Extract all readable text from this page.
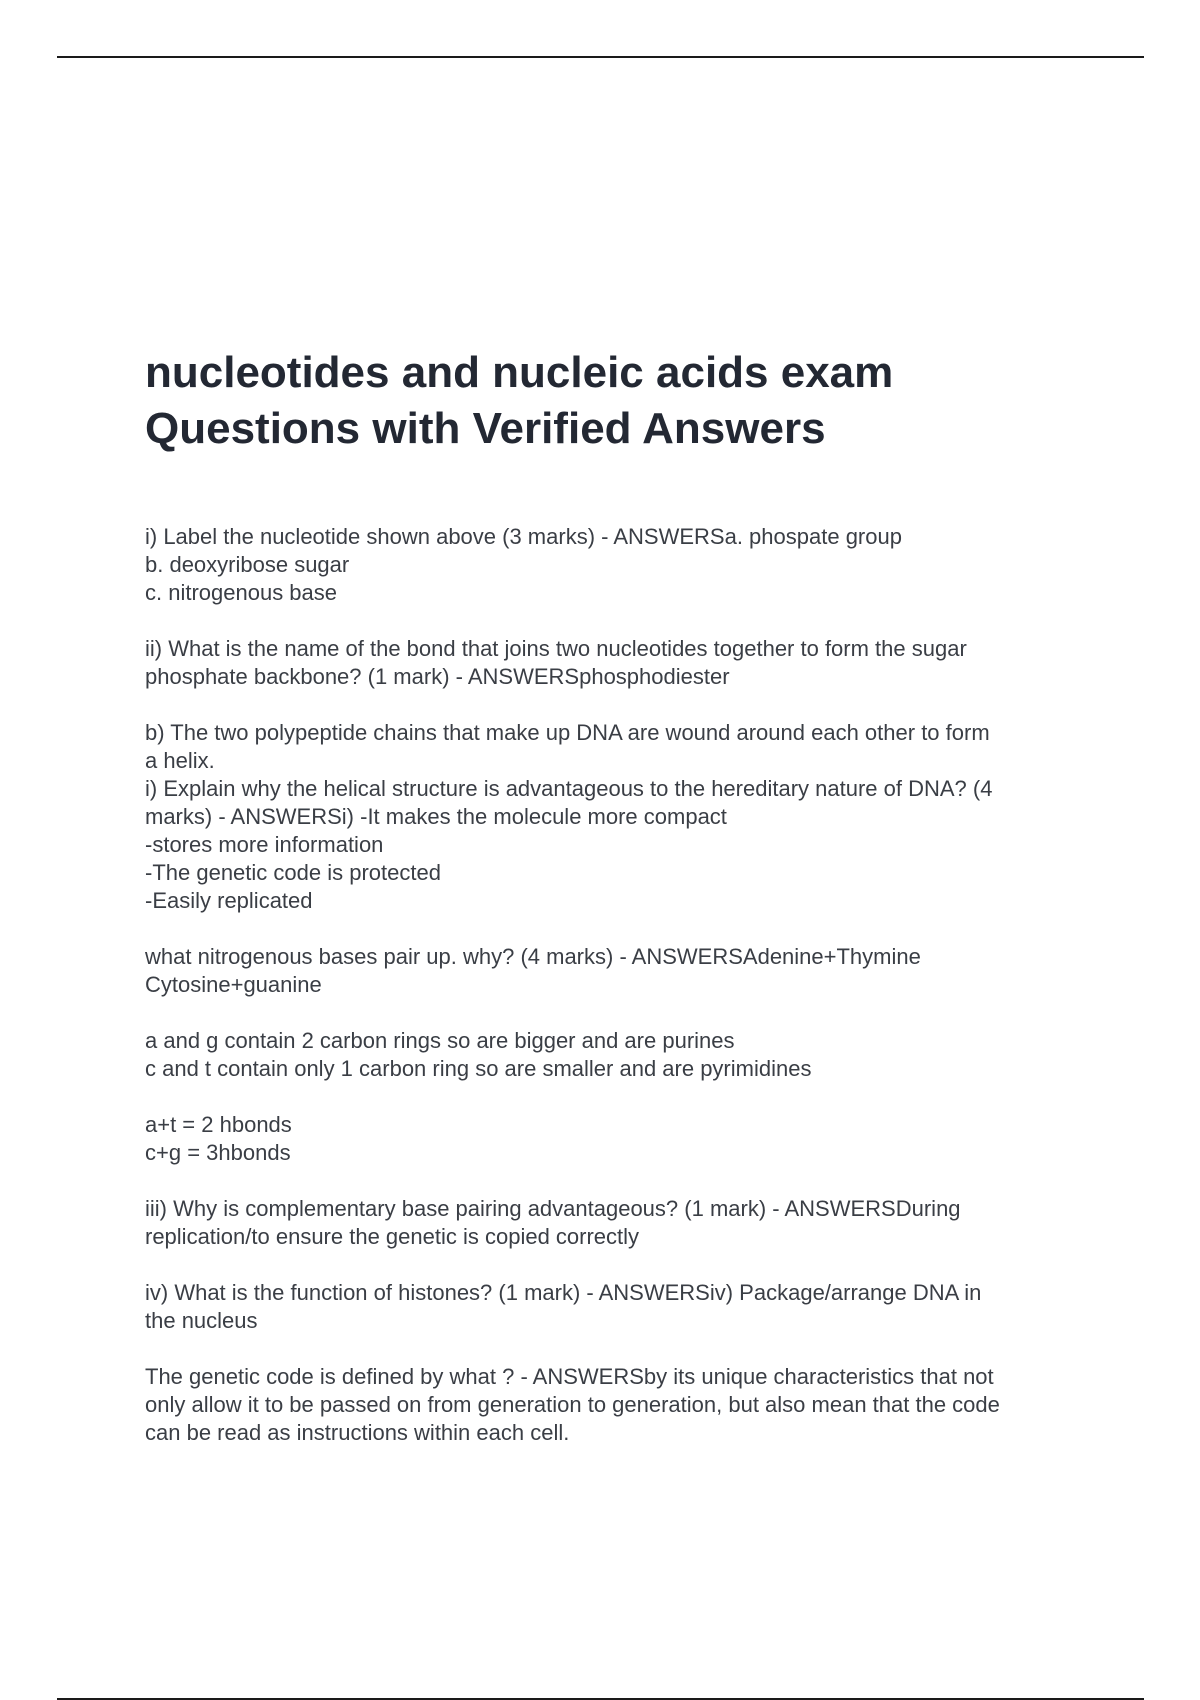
nucleotides and nucleic acids exam
Questions with Verified Answers
i) Label the nucleotide shown above (3 marks) - ANSWERSa. phospate group
b. deoxyribose sugar
c. nitrogenous base
ii) What is the name of the bond that joins two nucleotides together to form the sugar
phosphate backbone? (1 mark) - ANSWERSphosphodiester
b) The two polypeptide chains that make up DNA are wound around each other to form
a helix.
i) Explain why the helical structure is advantageous to the hereditary nature of DNA? (4
marks) - ANSWERSi) -It makes the molecule more compact
-stores more information
-The genetic code is protected
-Easily replicated
what nitrogenous bases pair up. why? (4 marks) - ANSWERSAdenine+Thymine
Cytosine+guanine
a and g contain 2 carbon rings so are bigger and are purines
c and t contain only 1 carbon ring so are smaller and are pyrimidines
a+t = 2 hbonds
c+g = 3hbonds
iii) Why is complementary base pairing advantageous? (1 mark) - ANSWERSDuring
replication/to ensure the genetic is copied correctly
iv) What is the function of histones? (1 mark) - ANSWERSiv) Package/arrange DNA in
the nucleus
The genetic code is defined by what ? - ANSWERSby its unique characteristics that not
only allow it to be passed on from generation to generation, but also mean that the code
can be read as instructions within each cell.
